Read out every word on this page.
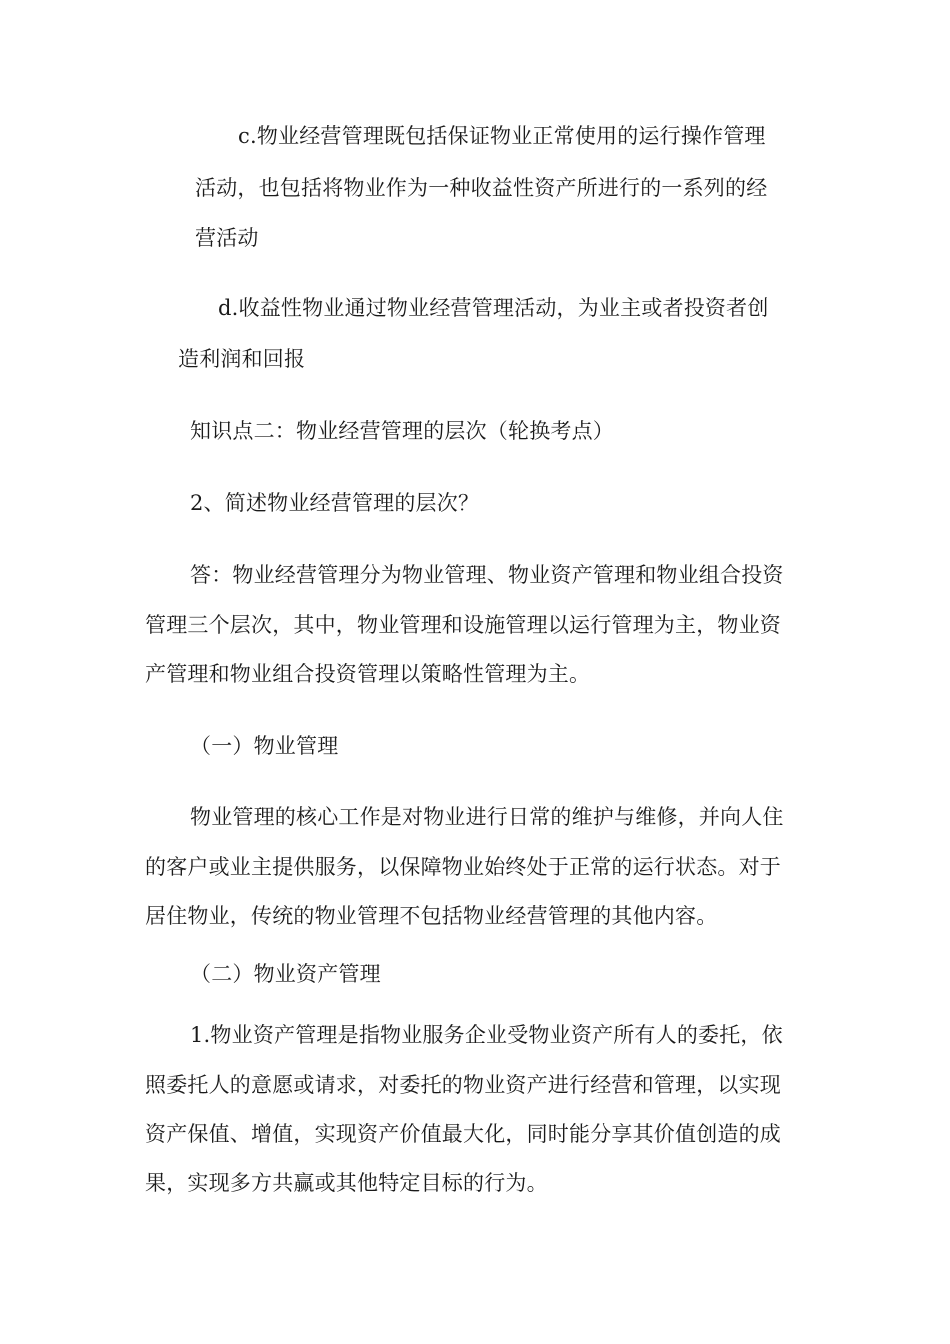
c.物业经营管理既包括保证物业正常使用的运行操作管理
活动，也包括将物业作为一种收益性资产所进行的一系列的经
营活动
d.收益性物业通过物业经营管理活动，为业主或者投资者创
造利润和回报
知识点二：物业经营管理的层次（轮换考点）
2、简述物业经营管理的层次？
答：物业经营管理分为物业管理、物业资产管理和物业组合投资
管理三个层次，其中，物业管理和设施管理以运行管理为主，物业资
产管理和物业组合投资管理以策略性管理为主。
（一）物业管理
物业管理的核心工作是对物业进行日常的维护与维修，并向人住
的客户或业主提供服务，以保障物业始终处于正常的运行状态。对于
居住物业，传统的物业管理不包括物业经营管理的其他内容。
（二）物业资产管理
1.物业资产管理是指物业服务企业受物业资产所有人的委托，依
照委托人的意愿或请求，对委托的物业资产进行经营和管理，以实现
资产保值、增值，实现资产价值最大化，同时能分享其价值创造的成
果，实现多方共赢或其他特定目标的行为。
